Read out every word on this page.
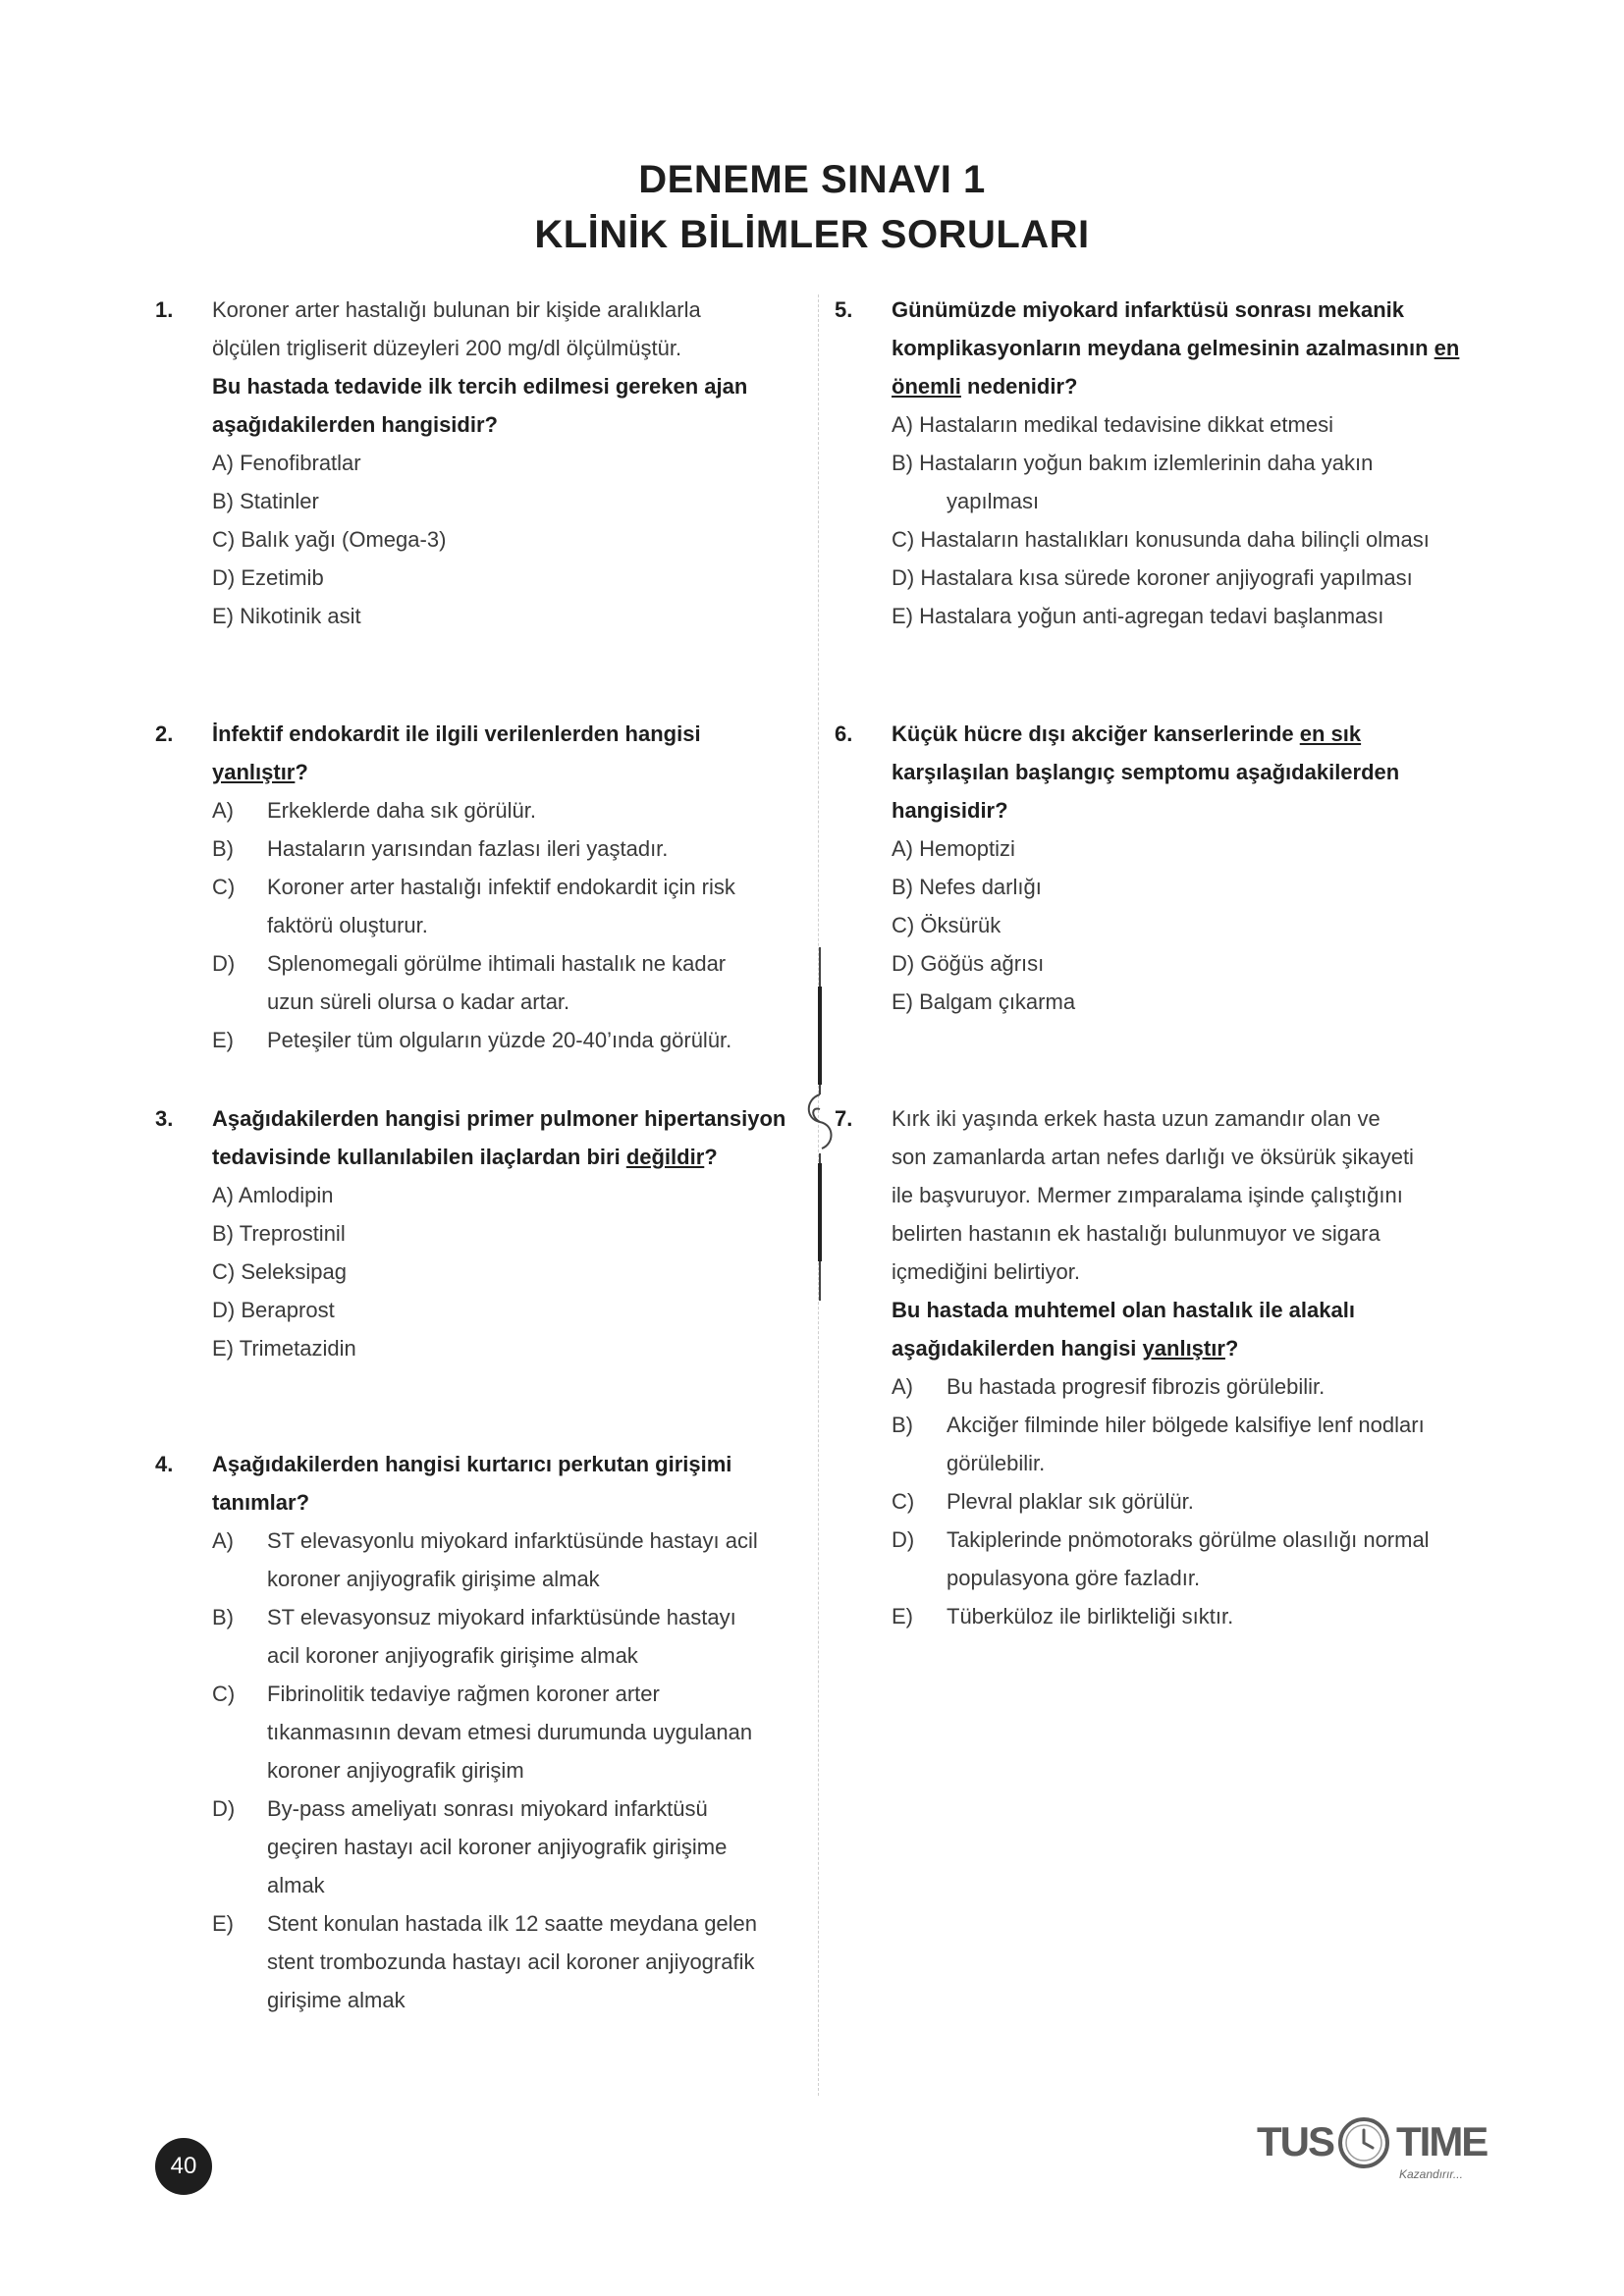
DENEME SINAVI 1
KLİNİK BİLİMLER SORULARI
1. Koroner arter hastalığı bulunan bir kişide aralıklarla
ölçülen trigliserit düzeyleri 200 mg/dl ölçülmüştür.
Bu hastada tedavide ilk tercih edilmesi gereken ajan
aşağıdakilerden hangisidir?
A) Fenofibratlar
B) Statinler
C) Balık yağı (Omega-3)
D) Ezetimib
E) Nikotinik asit
2. İnfektif endokardit ile ilgili verilenlerden hangisi
yanlıştır?
A)	Erkeklerde daha sık görülür.
B)	Hastaların yarısından fazlası ileri yaştadır.
C) Koroner arter hastalığı infektif endokardit için risk
faktörü oluşturur.
D) Splenomegali görülme ihtimali hastalık ne kadar
uzun süreli olursa o kadar artar.
E)	Peteşiler tüm olguların yüzde 20-40’ında görülür.
3. Aşağıdakilerden hangisi primer pulmoner hipertansiyon
tedavisinde kullanılabilen ilaçlardan biri değildir?
A) Amlodipin
B) Treprostinil
C) Seleksipag
D) Beraprost
E) Trimetazidin
4. Aşağıdakilerden hangisi kurtarıcı perkutan girişimi
tanımlar?
A) ST elevasyonlu miyokard infarktüsünde hastayı acil
koroner anjiyografik girişime almak
B) ST elevasyonsuz miyokard infarktüsünde hastayı
acil koroner anjiyografik girişime almak
C) Fibrinolitik tedaviye rağmen koroner arter
tıkanmasının devam etmesi durumunda uygulanan
koroner anjiyografik girişim
D) By-pass ameliyatı sonrası miyokard infarktüsü
geçiren hastayı acil koroner anjiyografik girişime
almak
E) Stent konulan hastada ilk 12 saatte meydana gelen
stent trombozunda hastayı acil koroner anjiyografik
girişime almak
5. Günümüzde miyokard infarktüsü sonrası mekanik
komplikasyonların meydana gelmesinin azalmasının en
önemli nedenidir?
A) Hastaların medikal tedavisine dikkat etmesi
B) Hastaların yoğun bakım izlemlerinin daha yakın
yapılması
C) Hastaların hastalıkları konusunda daha bilinçli olması
D) Hastalara kısa sürede koroner anjiyografi yapılması
E) Hastalara yoğun anti-agregan tedavi başlanması
6. Küçük hücre dışı akciğer kanserlerinde en sık
karşılaşılan başlangıç semptomu aşağıdakilerden
hangisidir?
A) Hemoptizi
B) Nefes darlığı
C) Öksürük
D) Göğüs ağrısı
E) Balgam çıkarma
7. Kırk iki yaşında erkek hasta uzun zamandır olan ve
son zamanlarda artan nefes darlığı ve öksürük şikayeti
ile başvuruyor. Mermer zımparalama işinde çalıştığını
belirten hastanın ek hastalığı bulunmuyor ve sigara
içmediğini belirtiyor.
Bu hastada muhtemel olan hastalık ile alakalı
aşağıdakilerden hangisi yanlıştır?
A)	Bu hastada progresif fibrozis görülebilir.
B) Akciğer filminde hiler bölgede kalsifiye lenf nodları
görülebilir.
C)	Plevral plaklar sık görülür.
D) Takiplerinde pnömotoraks görülme olasılığı normal
populasyona göre fazladır.
E)	Tüberküloz ile birlikteliği sıktır.
40
TUS TIME
Kazandırır...
